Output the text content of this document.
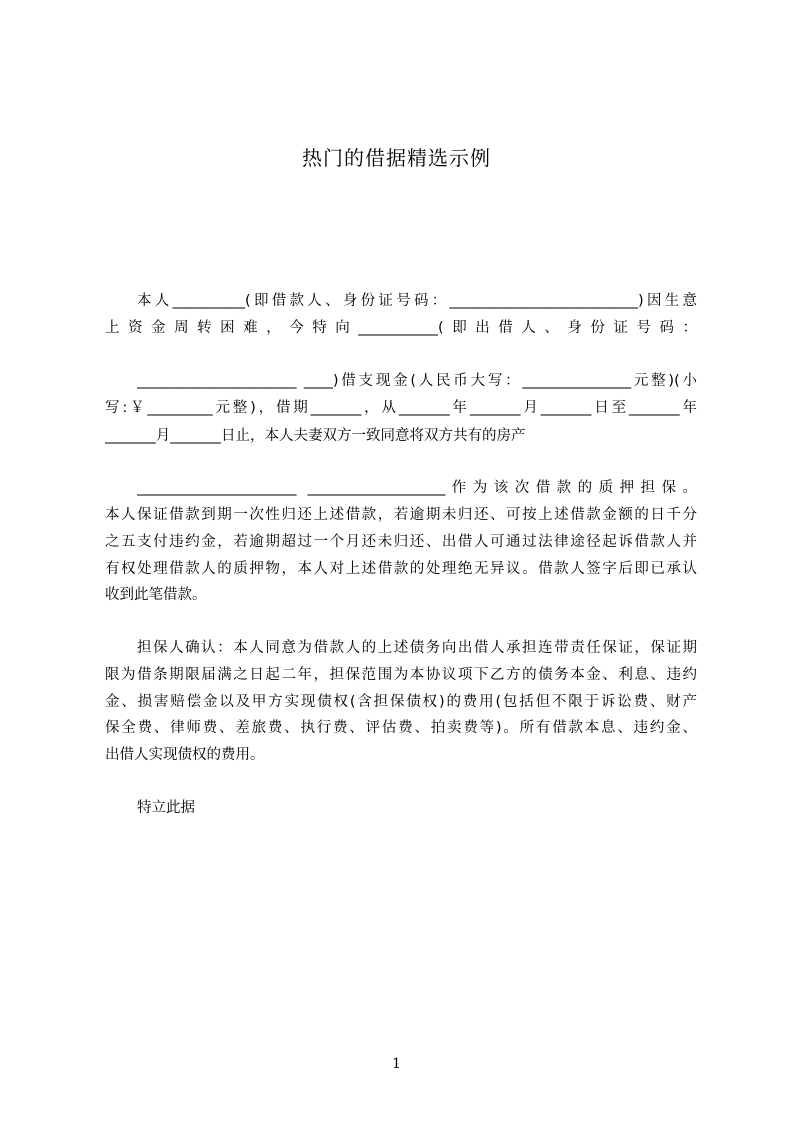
热门的借据精选示例
本人__________(即借款人、身份证号码：__________________________)因生意
上资金周转困难，今特向___________(即出借人、身份证号码：
______________________ ____)借支现金(人民币大写：_______________元整)(小
写:￥_________元整)，借期_______，从_______年_______月_______日至_______年
_______月_______日止，本人夫妻双方一致同意将双方共有的房产
______________________ ___________________作为该次借款的质押担保。
本人保证借款到期一次性归还上述借款，若逾期未归还、可按上述借款金额的日千分
之五支付违约金，若逾期超过一个月还未归还、出借人可通过法律途径起诉借款人并
有权处理借款人的质押物，本人对上述借款的处理绝无异议。借款人签字后即已承认
收到此笔借款。
担保人确认：本人同意为借款人的上述债务向出借人承担连带责任保证，保证期
限为借条期限届满之日起二年，担保范围为本协议项下乙方的债务本金、利息、违约
金、损害赔偿金以及甲方实现债权(含担保债权)的费用(包括但不限于诉讼费、财产
保全费、律师费、差旅费、执行费、评估费、拍卖费等)。所有借款本息、违约金、
出借人实现债权的费用。
特立此据
1
